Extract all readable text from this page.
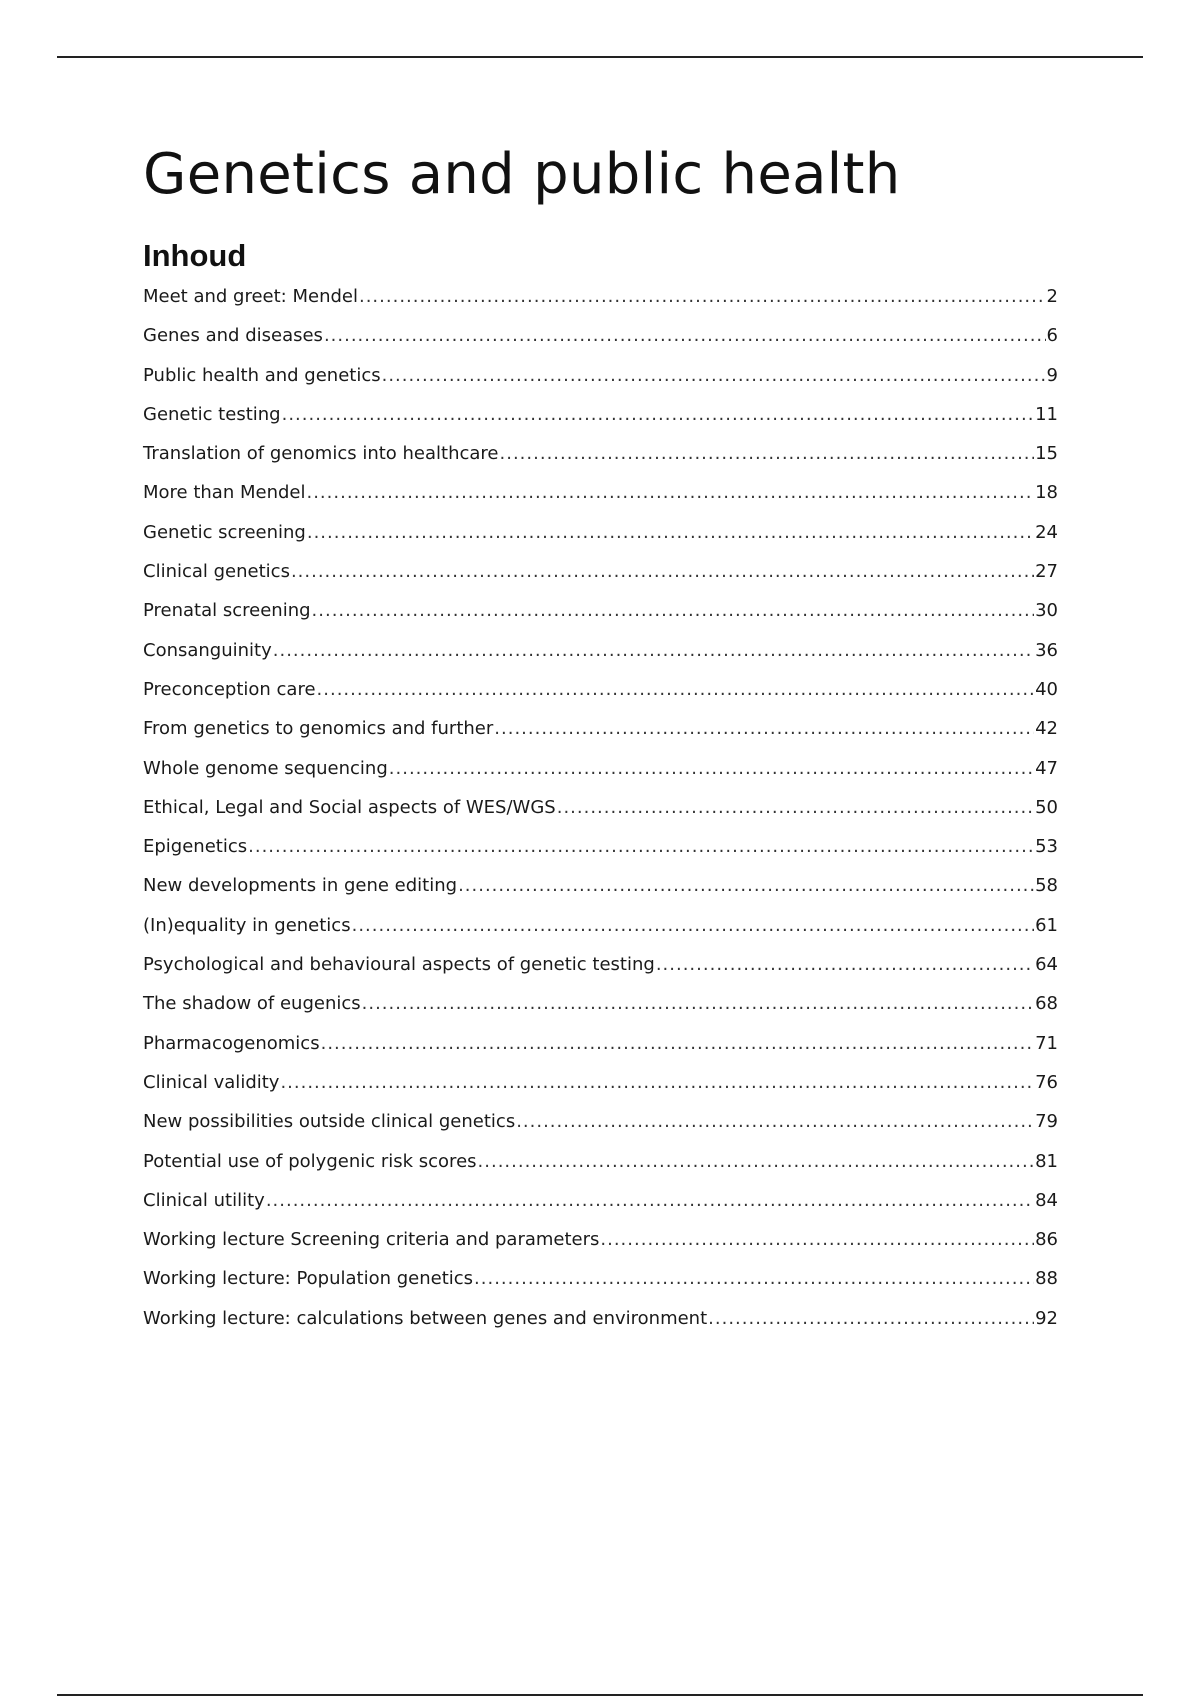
Genetics and public health
Inhoud
Meet and greet: Mendel .....	2
Genes and diseases .....	6
Public health and genetics .....	9
Genetic testing .....	11
Translation of genomics into healthcare .....	15
More than Mendel .....	18
Genetic screening .....	24
Clinical genetics .....	27
Prenatal screening .....	30
Consanguinity .....	36
Preconception care .....	40
From genetics to genomics and further .....	42
Whole genome sequencing .....	47
Ethical, Legal and Social aspects of WES/WGS .....	50
Epigenetics .....	53
New developments in gene editing .....	58
(In)equality in genetics .....	61
Psychological and behavioural aspects of genetic testing .....	64
The shadow of eugenics .....	68
Pharmacogenomics .....	71
Clinical validity .....	76
New possibilities outside clinical genetics .....	79
Potential use of polygenic risk scores .....	81
Clinical utility .....	84
Working lecture Screening criteria and parameters .....	86
Working lecture: Population genetics .....	88
Working lecture: calculations between genes and environment .....	92
